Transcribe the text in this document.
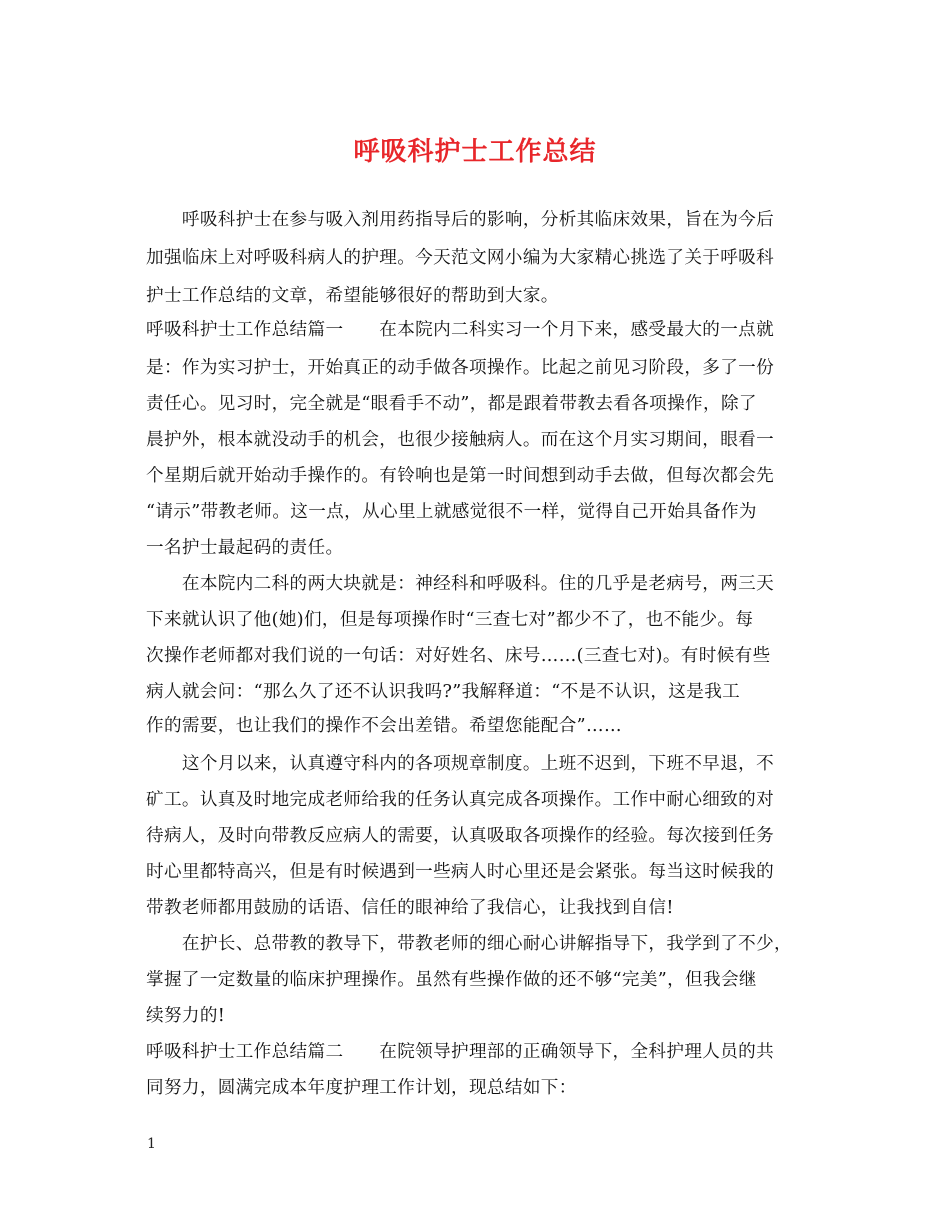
呼吸科护士工作总结
　　呼吸科护士在参与吸入剂用药指导后的影响，分析其临床效果，旨在为今后
加强临床上对呼吸科病人的护理。今天范文网小编为大家精心挑选了关于呼吸科
护士工作总结的文章，希望能够很好的帮助到大家。
呼吸科护士工作总结篇一　　在本院内二科实习一个月下来，感受最大的一点就
是：作为实习护士，开始真正的动手做各项操作。比起之前见习阶段，多了一份
责任心。见习时，完全就是“眼看手不动”，都是跟着带教去看各项操作，除了
晨护外，根本就没动手的机会，也很少接触病人。而在这个月实习期间，眼看一
个星期后就开始动手操作的。有铃响也是第一时间想到动手去做，但每次都会先
“请示”带教老师。这一点，从心里上就感觉很不一样，觉得自己开始具备作为
一名护士最起码的责任。
　　在本院内二科的两大块就是：神经科和呼吸科。住的几乎是老病号，两三天
下来就认识了他(她)们，但是每项操作时“三查七对”都少不了，也不能少。每
次操作老师都对我们说的一句话：对好姓名、床号……(三查七对)。有时候有些
病人就会问：“那么久了还不认识我吗?”我解释道：“不是不认识，这是我工
作的需要，也让我们的操作不会出差错。希望您能配合”……
　　这个月以来，认真遵守科内的各项规章制度。上班不迟到，下班不早退，不
矿工。认真及时地完成老师给我的任务认真完成各项操作。工作中耐心细致的对
待病人，及时向带教反应病人的需要，认真吸取各项操作的经验。每次接到任务
时心里都特高兴，但是有时候遇到一些病人时心里还是会紧张。每当这时候我的
带教老师都用鼓励的话语、信任的眼神给了我信心，让我找到自信!
　　在护长、总带教的教导下，带教老师的细心耐心讲解指导下，我学到了不少，
掌握了一定数量的临床护理操作。虽然有些操作做的还不够“完美”，但我会继
续努力的!
呼吸科护士工作总结篇二　　在院领导护理部的正确领导下，全科护理人员的共
同努力，圆满完成本年度护理工作计划，现总结如下：
1
